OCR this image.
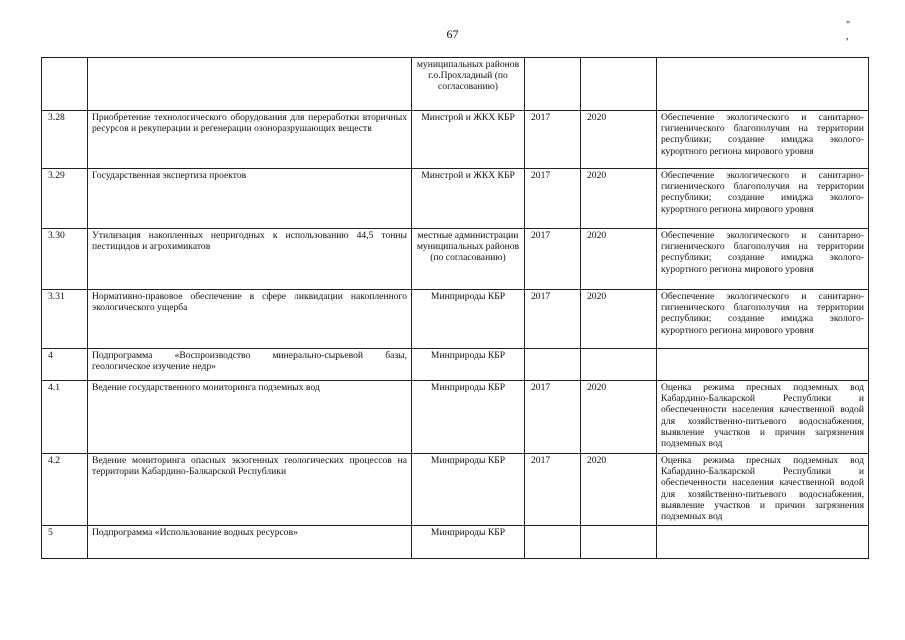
67
" ,
		муниципальных районов г.о.Прохладный (по согласованию)			
3.28	Приобретение технологического оборудования для переработки вторичных ресурсов и рекуперации и регенерации озоноразрушающих веществ	Минстрой и ЖКХ КБР	2017	2020	Обеспечение экологического и санитарно-гигиенического благополучия на территории республики; создание имиджа эколого-курортного региона мирового уровня
3.29	Государственная экспертиза проектов	Минстрой и ЖКХ КБР	2017	2020	Обеспечение экологического и санитарно-гигиенического благополучия на территории республики; создание имиджа эколого-курортного региона мирового уровня
3.30	Утилизация накопленных непригодных к использованию 44,5 тонны пестицидов и агрохимикатов	местные администрации муниципальных районов (по согласованию)	2017	2020	Обеспечение экологического и санитарно-гигиенического благополучия на территории республики; создание имиджа эколого-курортного региона мирового уровня
3.31	Нормативно-правовое обеспечение в сфере ликвидации накопленного экологического ущерба	Минприроды КБР	2017	2020	Обеспечение экологического и санитарно-гигиенического благополучия на территории республики; создание имиджа эколого-курортного региона мирового уровня
4	Подпрограмма «Воспроизводство минерально-сырьевой базы, геологическое изучение недр»	Минприроды КБР			
4.1	Ведение государственного мониторинга подземных вод	Минприроды КБР	2017	2020	Оценка режима пресных подземных вод Кабардино-Балкарской Республики и обеспеченности населения качественной водой для хозяйственно-питьевого водоснабжения, выявление участков и причин загрязнения подземных вод
4.2	Ведение мониторинга опасных экзогенных геологических процессов на территории Кабардино-Балкарской Республики	Минприроды КБР	2017	2020	Оценка режима пресных подземных вод Кабардино-Балкарской Республики и обеспеченности населения качественной водой для хозяйственно-питьевого водоснабжения, выявление участков и причин загрязнения подземных вод
5	Подпрограмма «Использование водных ресурсов»	Минприроды КБР			
